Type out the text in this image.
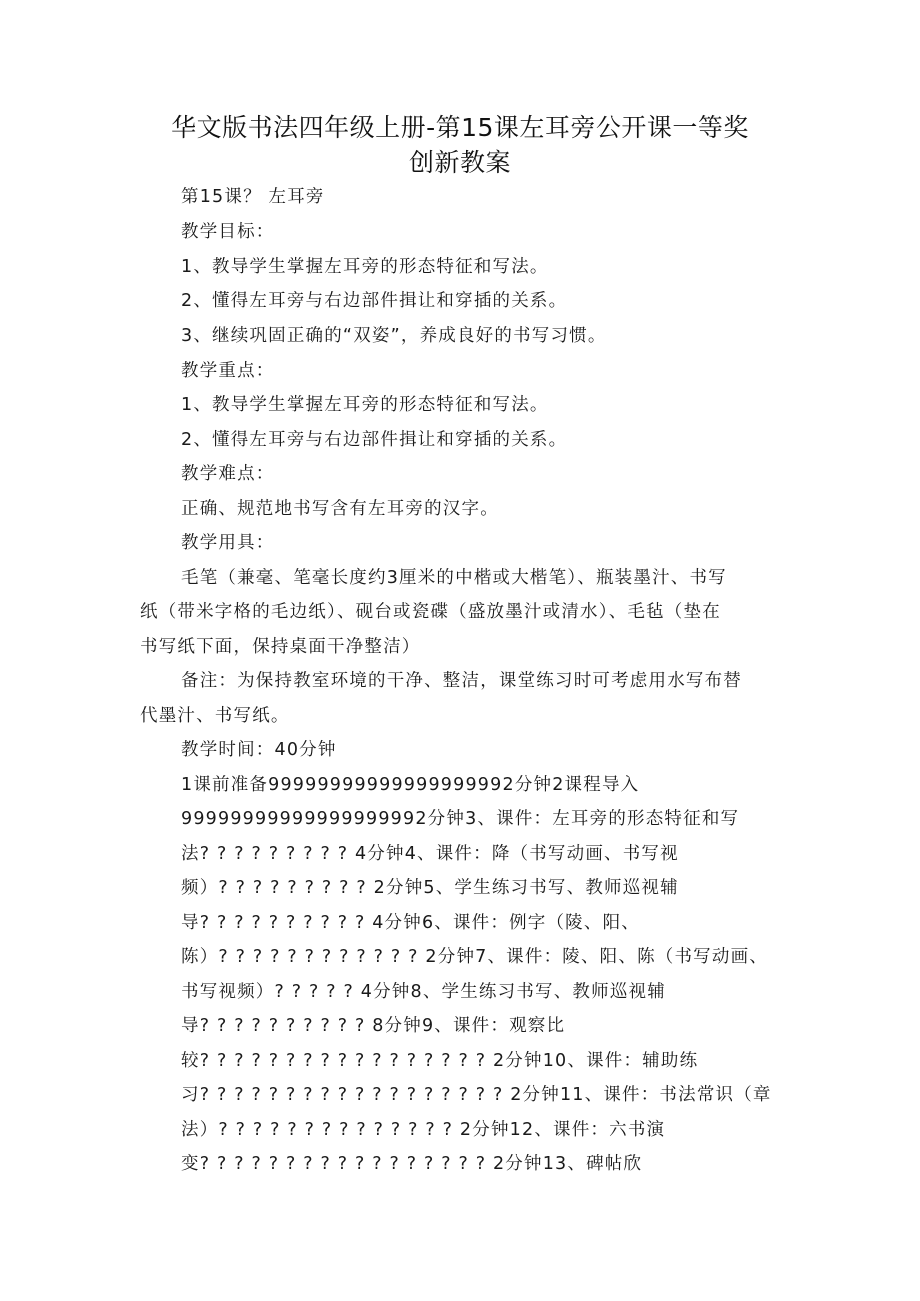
华文版书法四年级上册-第15课左耳旁公开课一等奖
创新教案
第15课？ 左耳旁
教学目标：
1、教导学生掌握左耳旁的形态特征和写法。
2、懂得左耳旁与右边部件揖让和穿插的关系。
3、继续巩固正确的“双姿”，养成良好的书写习惯。
教学重点：
1、教导学生掌握左耳旁的形态特征和写法。
2、懂得左耳旁与右边部件揖让和穿插的关系。
教学难点：
正确、规范地书写含有左耳旁的汉字。
教学用具：
毛笔（兼毫、笔毫长度约3厘米的中楷或大楷笔）、瓶装墨汁、书写
纸（带米字格的毛边纸）、砚台或瓷碟（盛放墨汁或清水）、毛毡（垫在
书写纸下面，保持桌面干净整洁）
备注：为保持教室环境的干净、整洁，课堂练习时可考虑用水写布替
代墨汁、书写纸。
教学时间：40分钟
1课前准备99999999999999999992分钟2课程导入
99999999999999999992分钟3、课件：左耳旁的形态特征和写
法? ? ? ? ? ? ? ? ? 4分钟4、课件：降（书写动画、书写视
频）? ? ? ? ? ? ? ? ? 2分钟5、学生练习书写、教师巡视辅
导? ? ? ? ? ? ? ? ? ? 4分钟6、课件：例字（陵、阳、
陈）? ? ? ? ? ? ? ? ? ? ? ? 2分钟7、课件：陵、阳、陈（书写动画、
书写视频）? ? ? ? ? 4分钟8、学生练习书写、教师巡视辅
导? ? ? ? ? ? ? ? ? ? 8分钟9、课件：观察比
较? ? ? ? ? ? ? ? ? ? ? ? ? ? ? ? ? 2分钟10、课件：辅助练
习? ? ? ? ? ? ? ? ? ? ? ? ? ? ? ? ? ? 2分钟11、课件：书法常识（章
法）? ? ? ? ? ? ? ? ? ? ? ? ? ? 2分钟12、课件：六书演
变? ? ? ? ? ? ? ? ? ? ? ? ? ? ? ? ? 2分钟13、碑帖欣
